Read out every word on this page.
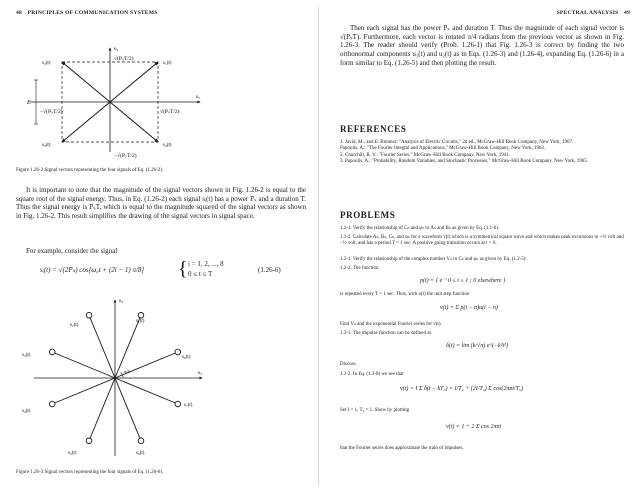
48 PRINCIPLES OF COMMUNICATION SYSTEMS
u₂
u₁
√(PₛT/2)
s₁(t)
s₂(t)
s₃(t)	s₄(t)
√(PₛT/2)
−√(PₛT/2)
−√(PₛT/2)
E
Figure 1.26-2 Signal vectors representing the four signals of Eq. (1.26-2).
It is important to note that the magnitude of the signal vectors shown in Fig. 1.26-2 is equal to the square root of the signal energy. Thus, in Eq. (1.26-2) each signal sᵢ(t) has a power Pₛ and a duration T. Thus the signal energy is PₛT, which is equal to the magnitude squared of the signal vectors as shown in Fig. 1.26-2. This result simplifies the drawing of the signal vectors in signal space.
For example, consider the signal
sᵢ(t) = √(2Pₛ) cos[ω₀t + (2i − 1) π/8] { i = 1, 2, ..., 8
0 ≤ t ≤ T	(1.26-6)
π/4
u₂
u₁
s₁(t)
s₂(t)
s₃(t)
s₄(t)
s₅(t)	s₆(t)
s₇(t)
s₈(t)
Figure 1.26-3 Signal vectors representing the four signals of Eq. (1.26-6).
SPECTRAL ANALYSIS 49
Then each signal has the power Pₛ and duration T. Thus the magnitude of each signal vector is √(PₛT). Furthermore, each vector is rotated π/4 radians from the previous vector as shown in Fig. 1.26-3. The reader should verify (Prob. 1.26-1) that Fig. 1.26-3 is correct by finding the two orthonormal components u₁(t) and u₂(t) as in Eqs. (1.26-3) and (1.26-4), expanding Eq. (1.26-6) in a form similar to Eq. (1.26-5) and then plotting the result.
REFERENCES
1. Javid, M., and E. Brenner: "Analysis of Electric Circuits," 2d ed., McGraw-Hill Book Company, New York, 1967.
Papoulis, A.: "The Fourier Integral and Applications," McGraw-Hill Book Company, New York, 1963.
2. Churchill, R. V.: "Fourier Series," McGraw-Hill Book Company, New York, 1941.
3. Papoulis, A.: "Probability, Random Variables, and Stochastic Processes," McGraw-Hill Book Company, New York, 1965.
PROBLEMS
1.1-1. Verify the relationship of Cₙ and φₙ to Aₙ and Bₙ as given by Eq. (1.1-6).
1.1-2. Calculate Aₙ, Bₙ, Cₙ, and φₙ for a waveform v(t) which is a symmetrical square wave and which makes peak excursions to +½ volt and −½ volt, and has a period T = 1 sec. A positive going transition occurs at t = 0.
1.2-1. Verify the relationship of the complex number Vₙ to Cₙ and φₙ as given by Eq. (1.2-5).
1.2-2. The function
p(t) = { e⁻ᵗ 0 ≤ t ≤ 1 ; 0 elsewhere }
is repeated every T = 1 sec. Thus, with u(t) the unit step function
v(t) = Σ p(t − n)u(t − n)
Find Vₙ and the exponential Fourier series for v(t).
1.3-1. The impulse function can be defined as
δ(t) = lim (k/√π) e^(−k²t²)
Discuss.
1.3-2. In Eq. (1.3-8) we see that
v(t) = I Σ δ(t − kT₀) = I/T₀ + (2I/T₀) Σ cos(2πnt/T₀)
Set I = 1, T₀ = 1. Show by plotting
v(t) = 1 + 2 Σ cos 2πnt
that the Fourier series does approximate the train of impulses.
